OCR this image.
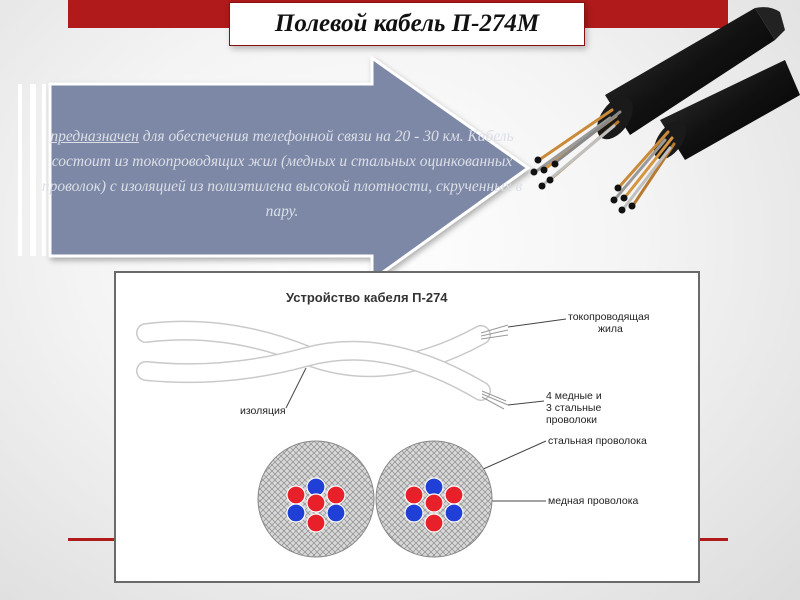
предназначен для обеспечения телефонной связи на 20 - 30 км. Кабель состоит из токопроводящих жил (медных и стальных оцинкованных проволок) с изоляцией из полиэтилена высокой плотности, скрученных в пару.

Полевой кабель П-274М
Устройство кабеля П-274
токопроводящая
жила
изоляция
4 медные и
3 стальные
проволоки
стальная проволока
медная проволока
